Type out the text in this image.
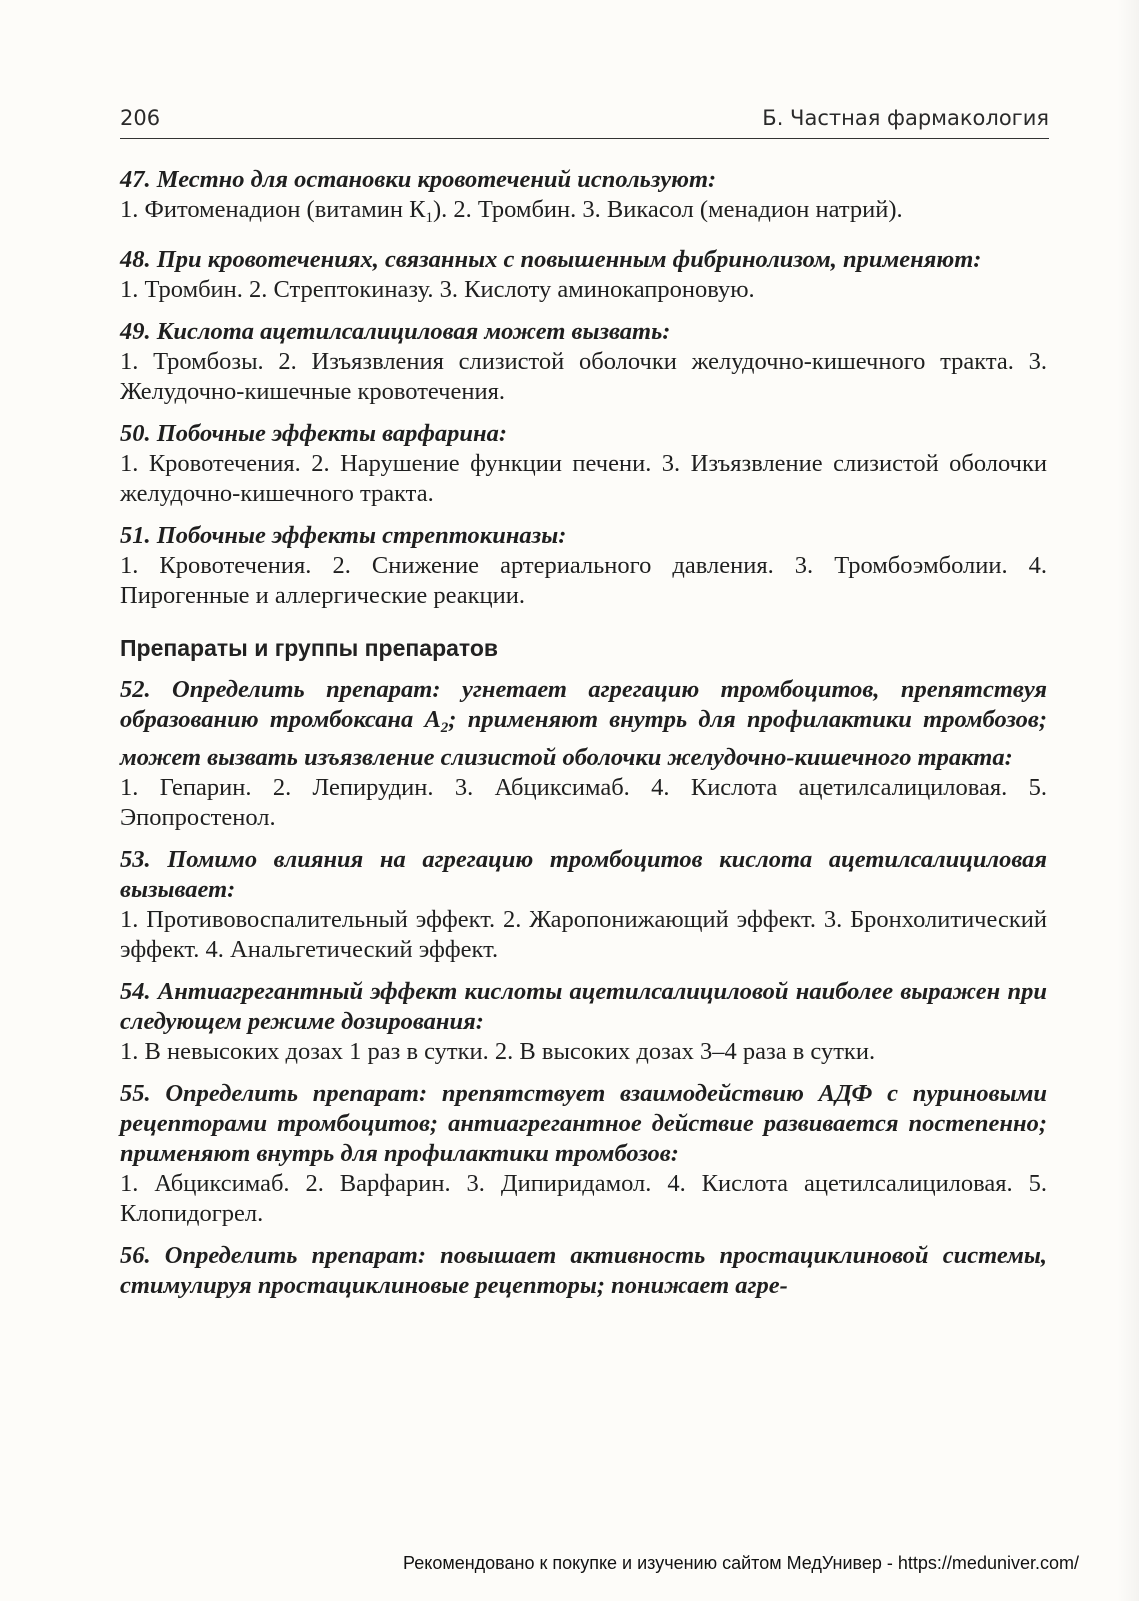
206	Б. Частная фармакология
47. Местно для остановки кровотечений используют:
1. Фитоменадион (витамин $К_1$). 2. Тромбин. 3. Викасол (менадион натрий).
48. При кровотечениях, связанных с повышенным фибринолизом, применяют:
1. Тромбин. 2. Стрептокиназу. 3. Кислоту аминокапроновую.
49. Кислота ацетилсалициловая может вызвать:
1. Тромбозы. 2. Изъязвления слизистой оболочки желудочно-кишечного тракта. 3. Желудочно-кишечные кровотечения.
50. Побочные эффекты варфарина:
1. Кровотечения. 2. Нарушение функции печени. 3. Изъязвление слизистой оболочки желудочно-кишечного тракта.
51. Побочные эффекты стрептокиназы:
1. Кровотечения. 2. Снижение артериального давления. 3. Тромбоэмболии. 4. Пирогенные и аллергические реакции.
Препараты и группы препаратов
52. Определить препарат: угнетает агрегацию тромбоцитов, препятствуя образованию тромбоксана $А_2$; применяют внутрь для профилактики тромбозов; может вызвать изъязвление слизистой оболочки желудочно-кишечного тракта:
1. Гепарин. 2. Лепирудин. 3. Абциксимаб. 4. Кислота ацетилсалициловая. 5. Эпопростенол.
53. Помимо влияния на агрегацию тромбоцитов кислота ацетилсалициловая вызывает:
1. Противовоспалительный эффект. 2. Жаропонижающий эффект. 3. Бронхолитический эффект. 4. Анальгетический эффект.
54. Антиагрегантный эффект кислоты ацетилсалициловой наиболее выражен при следующем режиме дозирования:
1. В невысоких дозах 1 раз в сутки. 2. В высоких дозах 3–4 раза в сутки.
55. Определить препарат: препятствует взаимодействию АДФ с пуриновыми рецепторами тромбоцитов; антиагрегантное действие развивается постепенно; применяют внутрь для профилактики тромбозов:
1. Абциксимаб. 2. Варфарин. 3. Дипиридамол. 4. Кислота ацетилсалициловая. 5. Клопидогрел.
56. Определить препарат: повышает активность простациклиновой системы, стимулируя простациклиновые рецепторы; понижает агре-
Рекомендовано к покупке и изучению сайтом МедУнивер - https://meduniver.com/
